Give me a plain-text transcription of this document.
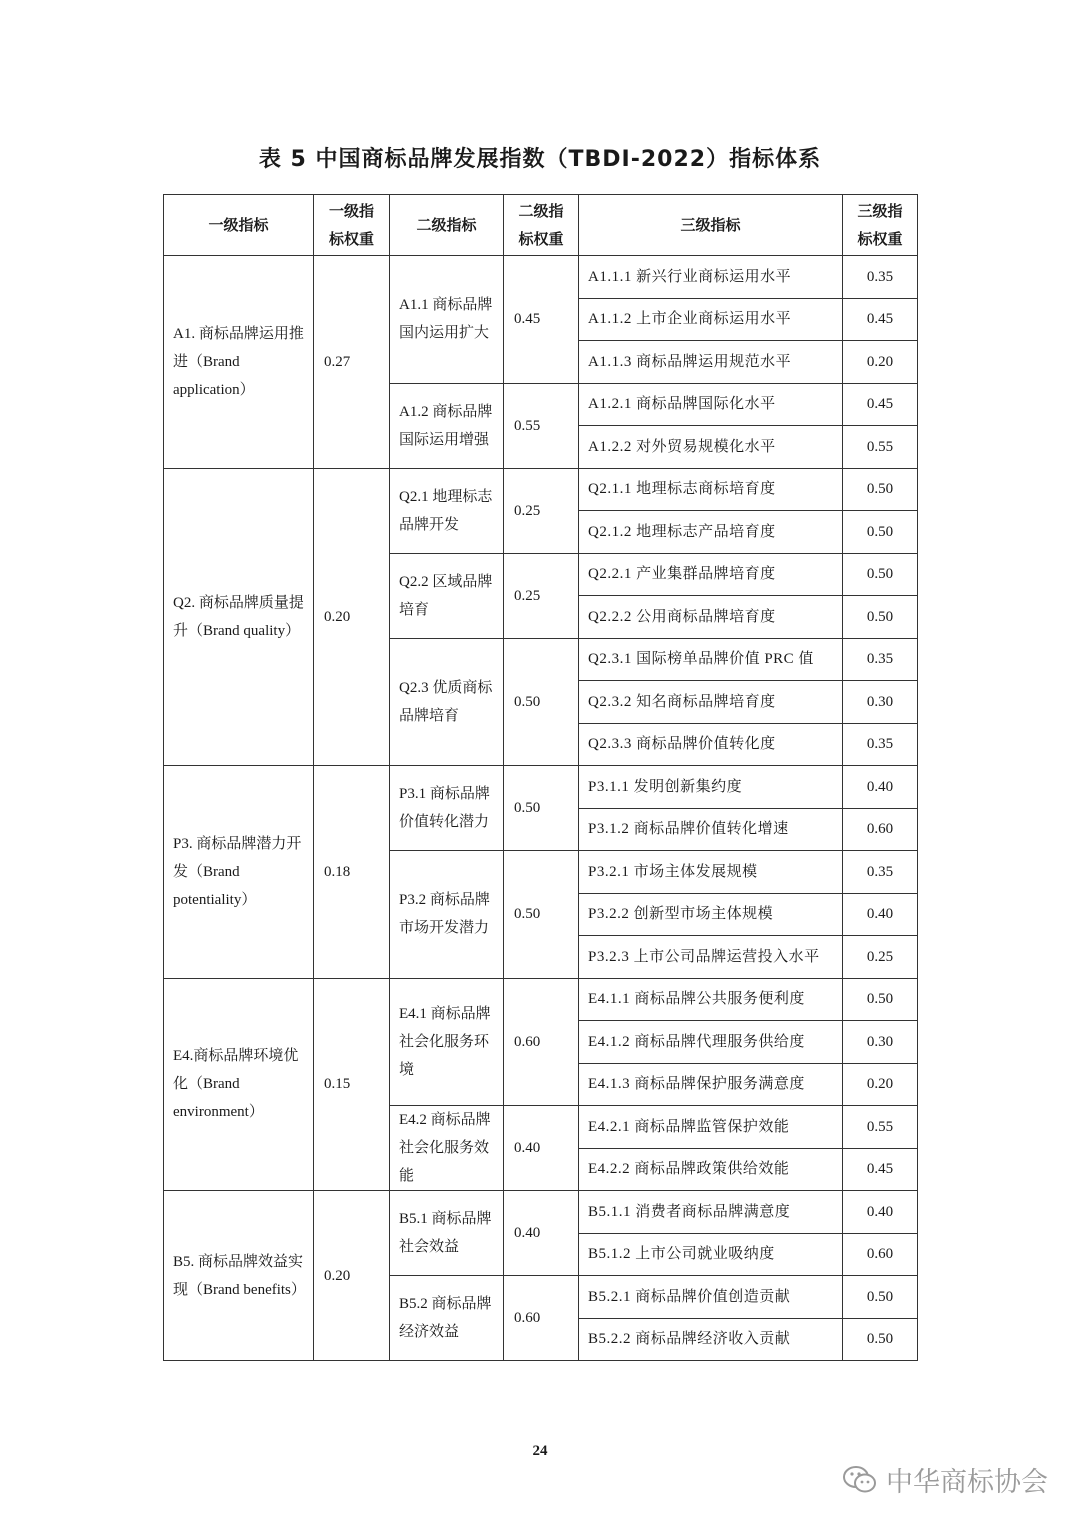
表 5 中国商标品牌发展指数（TBDI-2022）指标体系
一级指标	一级指标权重	二级指标	二级指标权重	三级指标	三级指标权重

A1. 商标品牌运用推进（Brand application）	0.27	A1.1 商标品牌国内运用扩大	0.45	A1.1.1 新兴行业商标运用水平	0.35
				A1.1.2 上市企业商标运用水平	0.45
				A1.1.3 商标品牌运用规范水平	0.20
		A1.2 商标品牌国际运用增强	0.55	A1.2.1 商标品牌国际化水平	0.45
				A1.2.2 对外贸易规模化水平	0.55
Q2. 商标品牌质量提升（Brand quality）	0.20	Q2.1 地理标志品牌开发	0.25	Q2.1.1 地理标志商标培育度	0.50
				Q2.1.2 地理标志产品培育度	0.50
		Q2.2 区域品牌培育	0.25	Q2.2.1 产业集群品牌培育度	0.50
				Q2.2.2 公用商标品牌培育度	0.50
		Q2.3 优质商标品牌培育	0.50	Q2.3.1 国际榜单品牌价值 PRC 值	0.35
				Q2.3.2 知名商标品牌培育度	0.30
				Q2.3.3 商标品牌价值转化度	0.35
P3. 商标品牌潜力开发（Brand potentiality）	0.18	P3.1 商标品牌价值转化潜力	0.50	P3.1.1 发明创新集约度	0.40
				P3.1.2 商标品牌价值转化增速	0.60
		P3.2 商标品牌市场开发潜力	0.50	P3.2.1 市场主体发展规模	0.35
				P3.2.2 创新型市场主体规模	0.40
				P3.2.3 上市公司品牌运营投入水平	0.25
E4.商标品牌环境优化（Brand environment）	0.15	E4.1 商标品牌社会化服务环境	0.60	E4.1.1 商标品牌公共服务便利度	0.50
				E4.1.2 商标品牌代理服务供给度	0.30
				E4.1.3 商标品牌保护服务满意度	0.20
		E4.2 商标品牌社会化服务效能	0.40	E4.2.1 商标品牌监管保护效能	0.55
				E4.2.2 商标品牌政策供给效能	0.45
B5. 商标品牌效益实现（Brand benefits）	0.20	B5.1 商标品牌社会效益	0.40	B5.1.1 消费者商标品牌满意度	0.40
				B5.1.2 上市公司就业吸纳度	0.60
		B5.2 商标品牌经济效益	0.60	B5.2.1 商标品牌价值创造贡献	0.50
				B5.2.2 商标品牌经济收入贡献	0.50
24
中华商标协会
